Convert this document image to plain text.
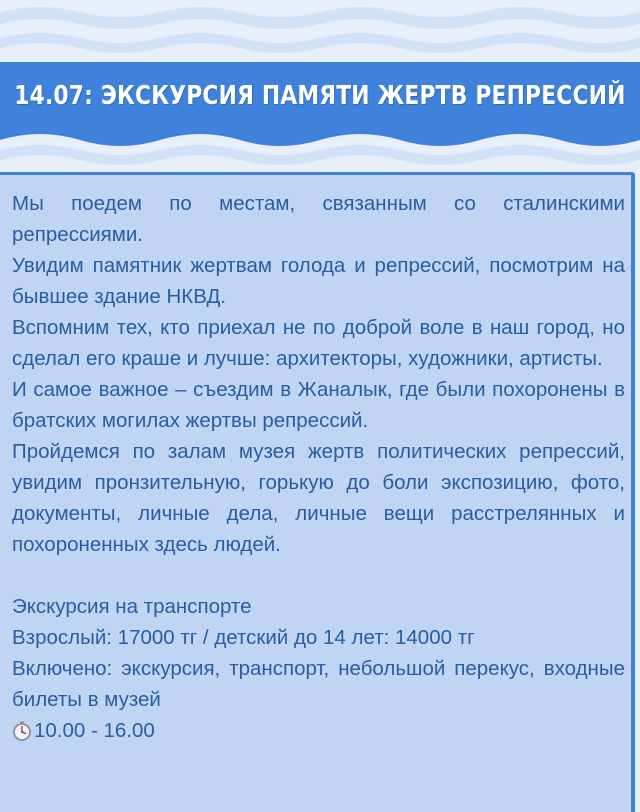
14.07: ЭКСКУРСИЯ ПАМЯТИ ЖЕРТВ РЕПРЕССИЙ

Мы поедем по местам, связанным со сталинскими репрессиями.

Увидим памятник жертвам голода и репрессий, посмотрим на бывшее здание НКВД.

Вспомним тех, кто приехал не по доброй воле в наш город, но сделал его краше и лучше: архитекторы, художники, артисты.

И самое важное – съездим в Жаналык, где были похоронены в братских могилах жертвы репрессий.

Пройдемся по залам музея жертв политических репрессий, увидим пронзительную, горькую до боли экспозицию, фото, документы, личные дела, личные вещи расстрелянных и похороненных здесь людей.

Экскурсия на транспорте

Взрослый: 17000 тг / детский до 14 лет: 14000 тг

Включено: экскурсия, транспорт, небольшой перекус, входные билеты в музей

10.00 - 16.00
